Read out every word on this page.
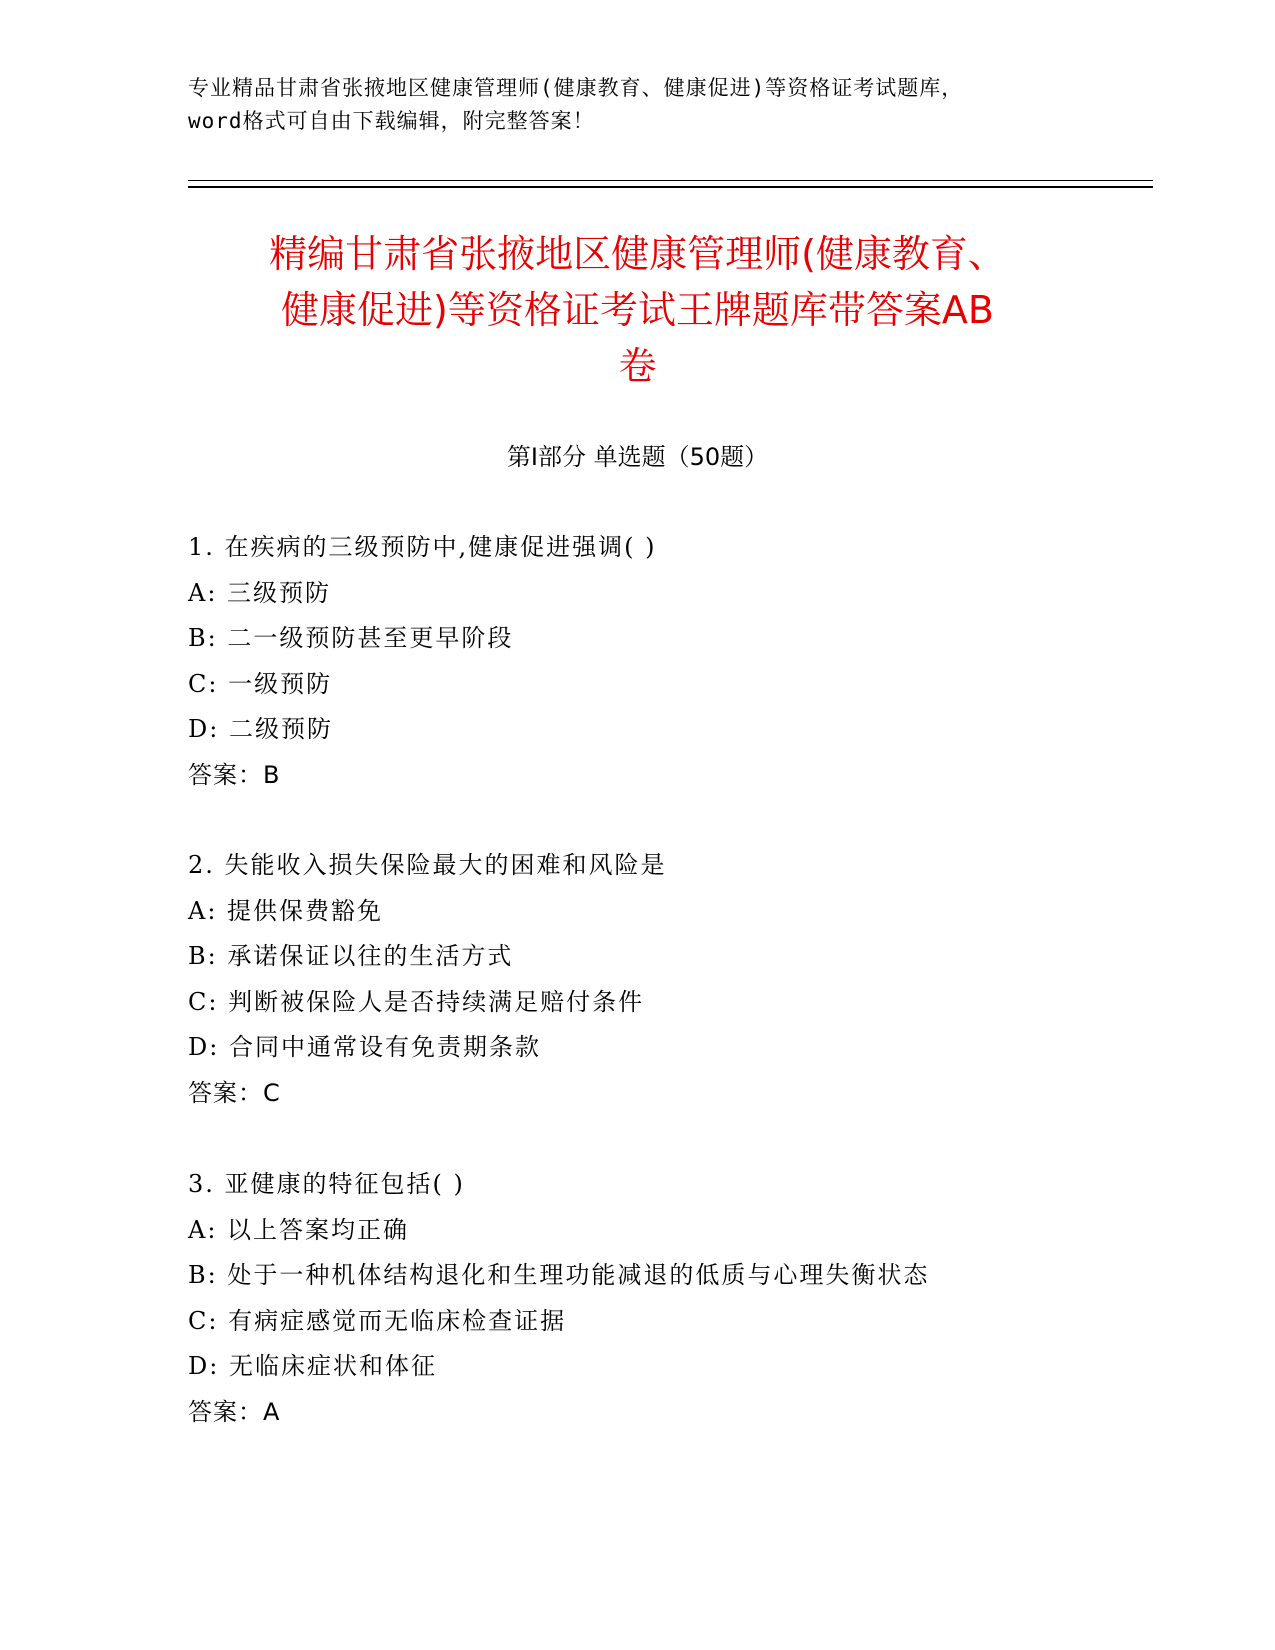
专业精品甘肃省张掖地区健康管理师(健康教育、健康促进)等资格证考试题库，
word格式可自由下载编辑，附完整答案！
精编甘肃省张掖地区健康管理师(健康教育、
健康促进)等资格证考试王牌题库带答案AB
卷
第Ⅰ部分 单选题（50题）
1. 在疾病的三级预防中,健康促进强调( )
A: 三级预防
B: 二一级预防甚至更早阶段
C: 一级预防
D: 二级预防
答案：B
2. 失能收入损失保险最大的困难和风险是
A: 提供保费豁免
B: 承诺保证以往的生活方式
C: 判断被保险人是否持续满足赔付条件
D: 合同中通常设有免责期条款
答案：C
3. 亚健康的特征包括( )
A: 以上答案均正确
B: 处于一种机体结构退化和生理功能减退的低质与心理失衡状态
C: 有病症感觉而无临床检查证据
D: 无临床症状和体征
答案：A
